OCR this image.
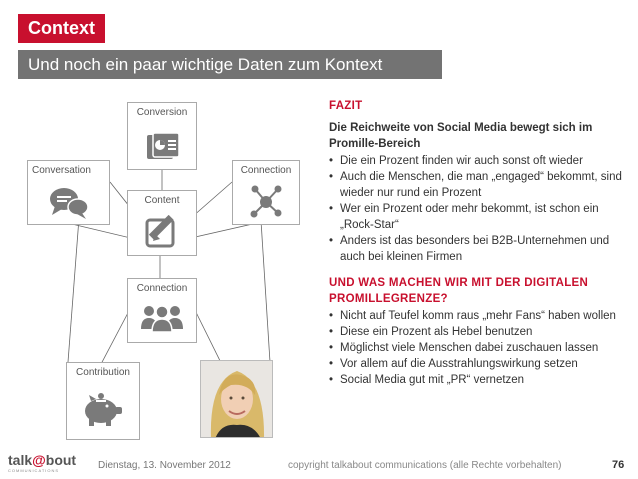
Context
Und noch ein paar wichtige Daten zum Kontext
Conversion
Conversation	Connection
Content
Connection
Contribution
FAZIT
Die Reichweite von Social Media bewegt sich im Promille-Bereich
• Die ein Prozent finden wir auch sonst oft wieder
• Auch die Menschen, die man „engaged“ bekommt, sind wieder nur rund ein Prozent
• Wer ein Prozent oder mehr bekommt, ist schon ein „Rock-Star“
• Anders ist das besonders bei B2B-Unternehmen und auch bei kleinen Firmen
UND WAS MACHEN WIR MIT DER DIGITALEN PROMILLEGRENZE?
• Nicht auf Teufel komm raus „mehr Fans“ haben wollen
• Diese ein Prozent als Hebel benutzen
• Möglichst viele Menschen dabei zuschauen lassen
• Vor allem auf die Ausstrahlungswirkung setzen
• Social Media gut mit „PR“ vernetzen
talk@bout
COMMUNICATIONS	Dienstag, 13. November 2012	copyright talkabout communications (alle Rechte vorbehalten)	76
